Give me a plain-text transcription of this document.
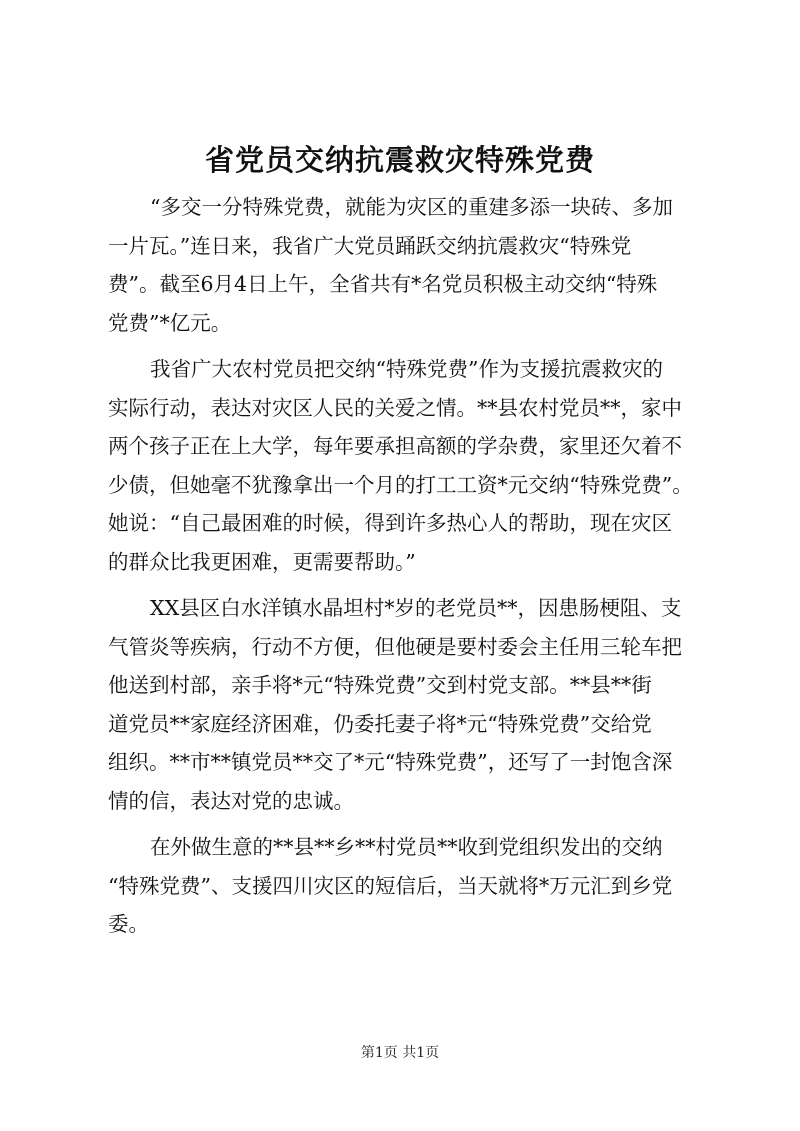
省党员交纳抗震救灾特殊党费
“多交一分特殊党费，就能为灾区的重建多添一块砖、多加
一片瓦。”连日来，我省广大党员踊跃交纳抗震救灾“特殊党
费”。截至6月4日上午，全省共有*名党员积极主动交纳“特殊
党费”*亿元。
我省广大农村党员把交纳“特殊党费”作为支援抗震救灾的
实际行动，表达对灾区人民的关爱之情。**县农村党员**，家中
两个孩子正在上大学，每年要承担高额的学杂费，家里还欠着不
少债，但她毫不犹豫拿出一个月的打工工资*元交纳“特殊党费”。
她说：“自己最困难的时候，得到许多热心人的帮助，现在灾区
的群众比我更困难，更需要帮助。”
XX县区白水洋镇水晶坦村*岁的老党员**，因患肠梗阻、支
气管炎等疾病，行动不方便，但他硬是要村委会主任用三轮车把
他送到村部，亲手将*元“特殊党费”交到村党支部。**县**街
道党员**家庭经济困难，仍委托妻子将*元“特殊党费”交给党
组织。**市**镇党员**交了*元“特殊党费”，还写了一封饱含深
情的信，表达对党的忠诚。
在外做生意的**县**乡**村党员**收到党组织发出的交纳
“特殊党费”、支援四川灾区的短信后，当天就将*万元汇到乡党
委。
第1页 共1页
